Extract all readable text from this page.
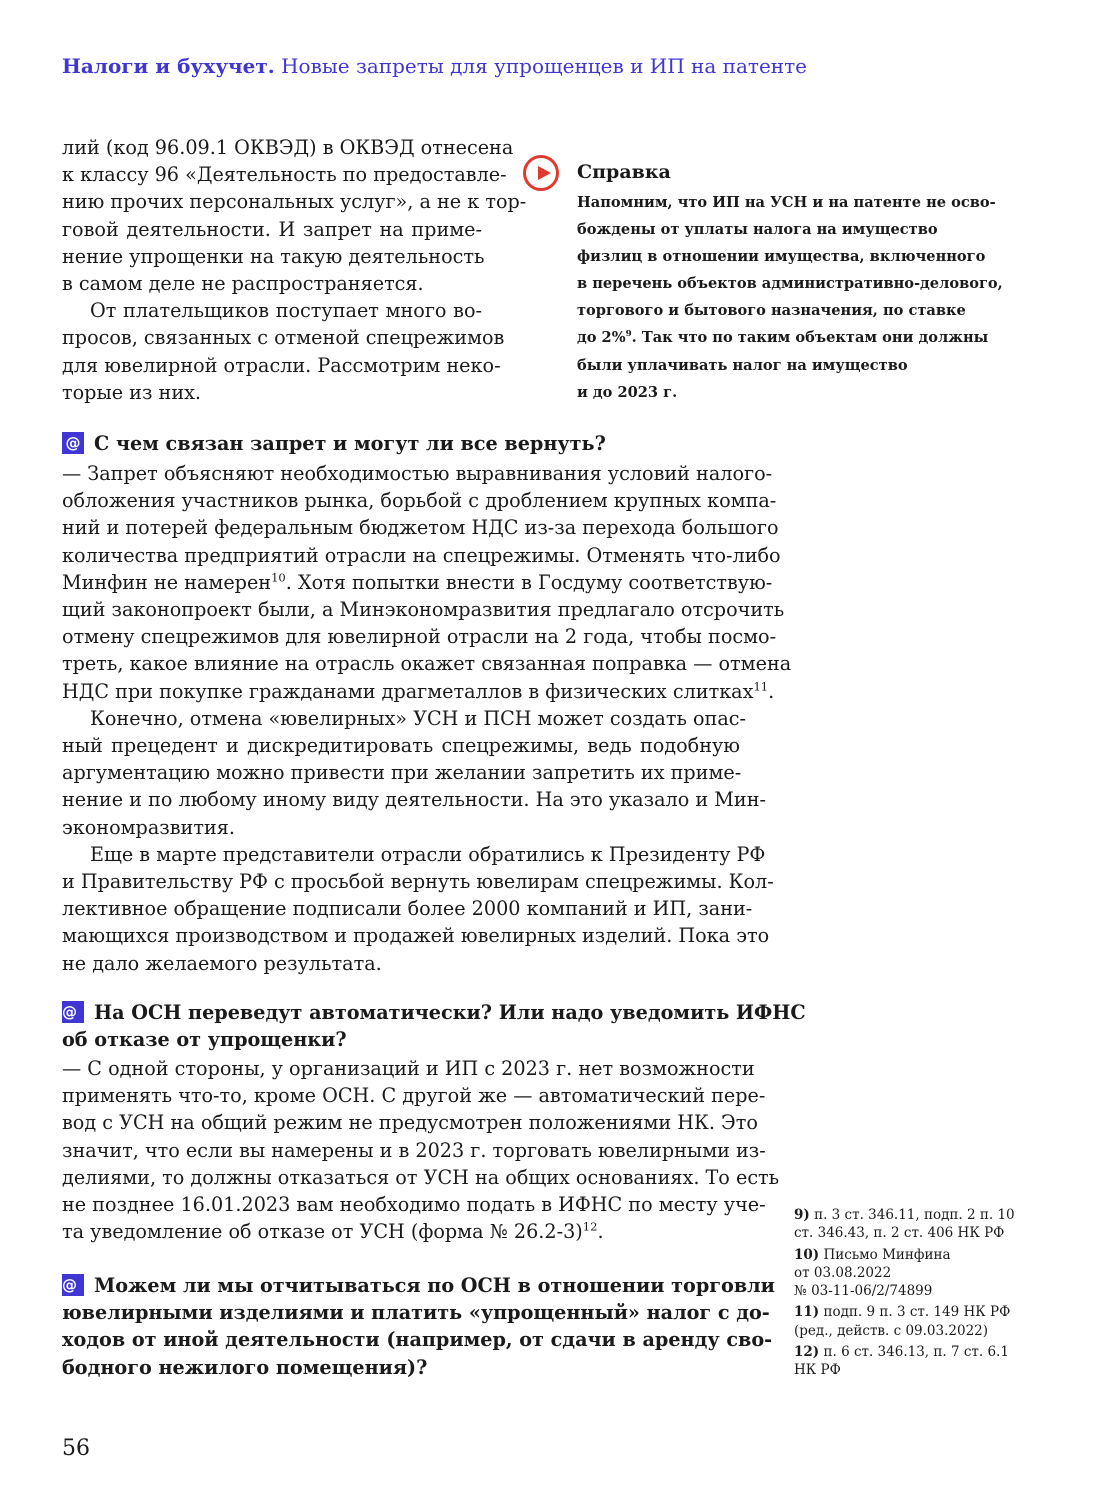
Налоги и бухучет. Новые запреты для упрощенцев и ИП на патенте
лий (код 96.09.1 ОКВЭД) в ОКВЭД отнесена
к классу 96 «Деятельность по предоставле-
нию прочих персональных услуг», а не к тор-
говой деятельности. И запрет на приме-
нение упрощенки на такую деятельность
в самом деле не распространяется.
От плательщиков поступает много во-
просов, связанных с отменой спецрежимов
для ювелирной отрасли. Рассмотрим неко-
торые из них.
Справка
Напомним, что ИП на УСН и на патенте не осво-
бождены от уплаты налога на имущество
физлиц в отношении имущества, включенного
в перечень объектов административно-делового,
торгового и бытового назначения, по ставке
до 2%$^9$. Так что по таким объектам они должны
были уплачивать налог на имущество
и до 2023 г.
@ С чем связан запрет и могут ли все вернуть?
— Запрет объясняют необходимостью выравнивания условий налого-
обложения участников рынка, борьбой с дроблением крупных компа-
ний и потерей федеральным бюджетом НДС из-за перехода большого
количества предприятий отрасли на спецрежимы. Отменять что-либо
Минфин не намерен$^{10}$. Хотя попытки внести в Госдуму соответствую-
щий законопроект были, а Минэкономразвития предлагало отсрочить
отмену спецрежимов для ювелирной отрасли на 2 года, чтобы посмо-
треть, какое влияние на отрасль окажет связанная поправка — отмена
НДС при покупке гражданами драгметаллов в физических слитках$^{11}$.
Конечно, отмена «ювелирных» УСН и ПСН может создать опас-
ный прецедент и дискредитировать спецрежимы, ведь подобную
аргументацию можно привести при желании запретить их приме-
нение и по любому иному виду деятельности. На это указало и Мин-
экономразвития.
Еще в марте представители отрасли обратились к Президенту РФ
и Правительству РФ с просьбой вернуть ювелирам спецрежимы. Кол-
лективное обращение подписали более 2000 компаний и ИП, зани-
мающихся производством и продажей ювелирных изделий. Пока это
не дало желаемого результата.
@ На ОСН переведут автоматически? Или надо уведомить ИФНС
об отказе от упрощенки?
— С одной стороны, у организаций и ИП с 2023 г. нет возможности
применять что-то, кроме ОСН. С другой же — автоматический пере-
вод с УСН на общий режим не предусмотрен положениями НК. Это
значит, что если вы намерены и в 2023 г. торговать ювелирными из-
делиями, то должны отказаться от УСН на общих основаниях. То есть
не позднее 16.01.2023 вам необходимо подать в ИФНС по месту уче-
та уведомление об отказе от УСН (форма № 26.2-3)$^{12}$.
@ Можем ли мы отчитываться по ОСН в отношении торговли
ювелирными изделиями и платить «упрощенный» налог с до-
ходов от иной деятельности (например, от сдачи в аренду сво-
бодного нежилого помещения)?
9) п. 3 ст. 346.11, подп. 2 п. 10
ст. 346.43, п. 2 ст. 406 НК РФ
10) Письмо Минфина
от 03.08.2022
№ 03-11-06/2/74899
11) подп. 9 п. 3 ст. 149 НК РФ
(ред., действ. с 09.03.2022)
12) п. 6 ст. 346.13, п. 7 ст. 6.1
НК РФ
56
